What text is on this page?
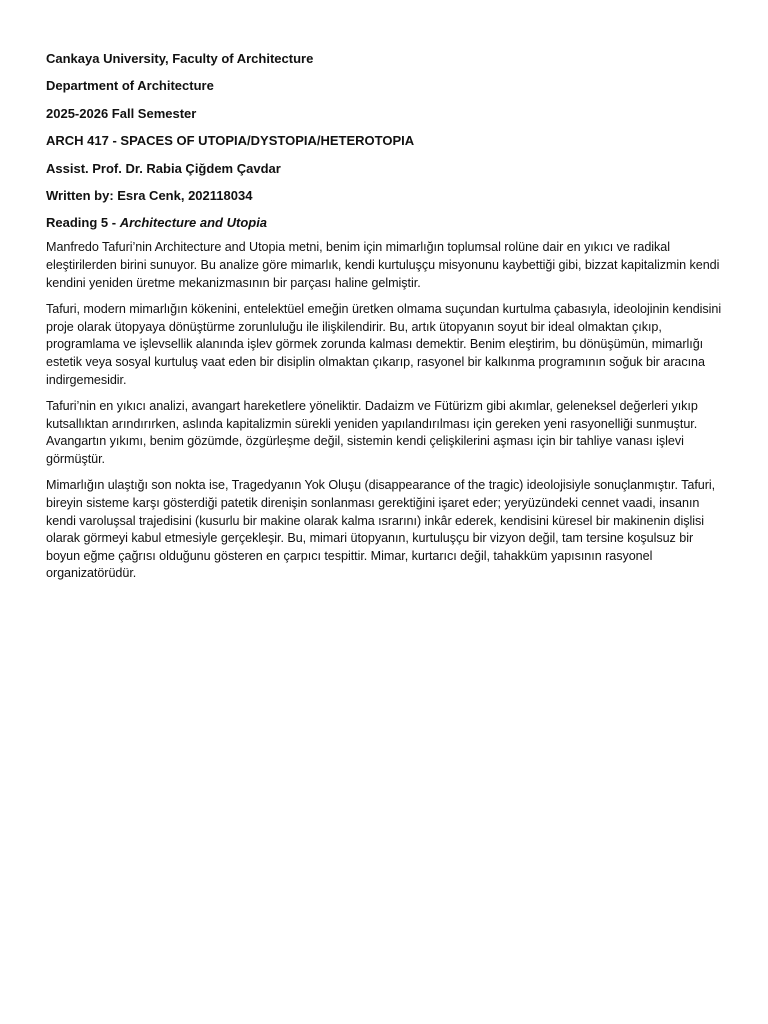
Cankaya University, Faculty of Architecture
Department of Architecture
2025-2026 Fall Semester
ARCH 417 - SPACES OF UTOPIA/DYSTOPIA/HETEROTOPIA
Assist. Prof. Dr. Rabia Çiğdem Çavdar
Written by: Esra Cenk, 202118034
Reading 5 - Architecture and Utopia

Manfredo Tafuri’nin Architecture and Utopia metni, benim için mimarlığın toplumsal rolüne dair en yıkıcı ve radikal eleştirilerden birini sunuyor. Bu analize göre mimarlık, kendi kurtuluşçu misyonunu kaybettiği gibi, bizzat kapitalizmin kendi kendini yeniden üretme mekanizmasının bir parçası haline gelmiştir.

Tafuri, modern mimarlığın kökenini, entelektüel emeğin üretken olmama suçundan kurtulma çabasıyla, ideolojinin kendisini proje olarak ütopyaya dönüştürme zorunluluğu ile ilişkilendirir. Bu, artık ütopyanın soyut bir ideal olmaktan çıkıp, programlama ve işlevsellik alanında işlev görmek zorunda kalması demektir. Benim eleştirim, bu dönüşümün, mimarlığı estetik veya sosyal kurtuluş vaat eden bir disiplin olmaktan çıkarıp, rasyonel bir kalkınma programının soğuk bir aracına indirgemesidir.

Tafuri’nin en yıkıcı analizi, avangart hareketlere yöneliktir. Dadaizm ve Fütürizm gibi akımlar, geleneksel değerleri yıkıp kutsallıktan arındırırken, aslında kapitalizmin sürekli yeniden yapılandırılması için gereken yeni rasyonelliği sunmuştur. Avangartın yıkımı, benim gözümde, özgürleşme değil, sistemin kendi çelişkilerini aşması için bir tahliye vanası işlevi görmüştür.

Mimarlığın ulaştığı son nokta ise, Tragedyanın Yok Oluşu (disappearance of the tragic) ideolojisiyle sonuçlanmıştır. Tafuri, bireyin sisteme karşı gösterdiği patetik direnişin sonlanması gerektiğini işaret eder; yeryüzündeki cennet vaadi, insanın kendi varoluşsal trajedisini (kusurlu bir makine olarak kalma ısrarını) inkâr ederek, kendisini küresel bir makinenin dişlisi olarak görmeyi kabul etmesiyle gerçekleşir. Bu, mimari ütopyanın, kurtuluşçu bir vizyon değil, tam tersine koşulsuz bir boyun eğme çağrısı olduğunu gösteren en çarpıcı tespittir. Mimar, kurtarıcı değil, tahakküm yapısının rasyonel organizatörüdür.
